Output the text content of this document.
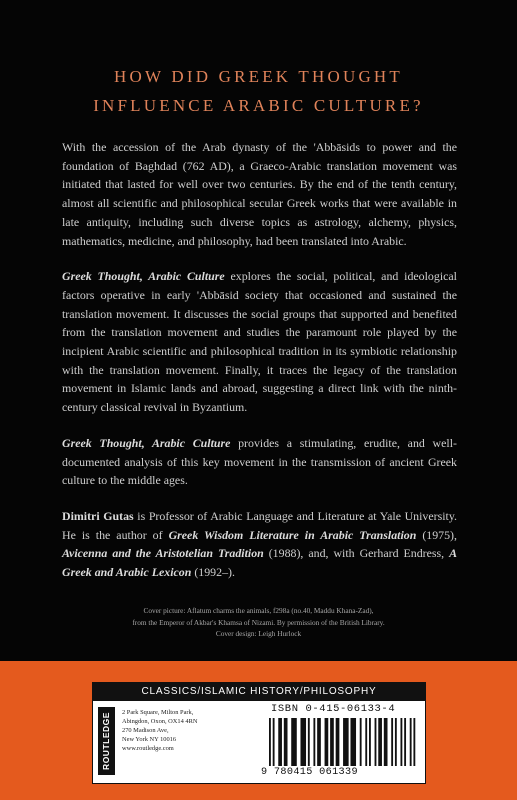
HOW DID GREEK THOUGHT
INFLUENCE ARABIC CULTURE?

With the accession of the Arab dynasty of the 'Abbāsids to power and the foundation of Baghdad (762 AD), a Graeco-Arabic translation movement was initiated that lasted for well over two centuries. By the end of the tenth century, almost all scientific and philosophical secular Greek works that were available in late antiquity, including such diverse topics as astrology, alchemy, physics, mathematics, medicine, and philosophy, had been translated into Arabic.

Greek Thought, Arabic Culture explores the social, political, and ideological factors operative in early 'Abbāsid society that occasioned and sustained the translation movement. It discusses the social groups that supported and benefited from the translation movement and studies the paramount role played by the incipient Arabic scientific and philosophical tradition in its symbiotic relationship with the translation movement. Finally, it traces the legacy of the translation movement in Islamic lands and abroad, suggesting a direct link with the ninth-century classical revival in Byzantium.

Greek Thought, Arabic Culture provides a stimulating, erudite, and well-documented analysis of this key movement in the transmission of ancient Greek culture to the middle ages.

Dimitri Gutas is Professor of Arabic Language and Literature at Yale University. He is the author of Greek Wisdom Literature in Arabic Translation (1975), Avicenna and the Aristotelian Tradition (1988), and, with Gerhard Endress, A Greek and Arabic Lexicon (1992–).

Cover picture: Aflatum charms the animals, f298a (no.40, Maddu Khana-Zad),
from the Emperor of Akbar's Khamsa of Nizami. By permission of the British Library.
Cover design: Leigh Hurlock
CLASSICS/ISLAMIC HISTORY/PHILOSOPHY
ROUTLEDGE	2 Park Square, Milton Park,
Abingdon, Oxon, OX14 4RN
270 Madison Ave,
New York NY 10016
www.routledge.com
ISBN 0-415-06133-4
9 780415 061339
